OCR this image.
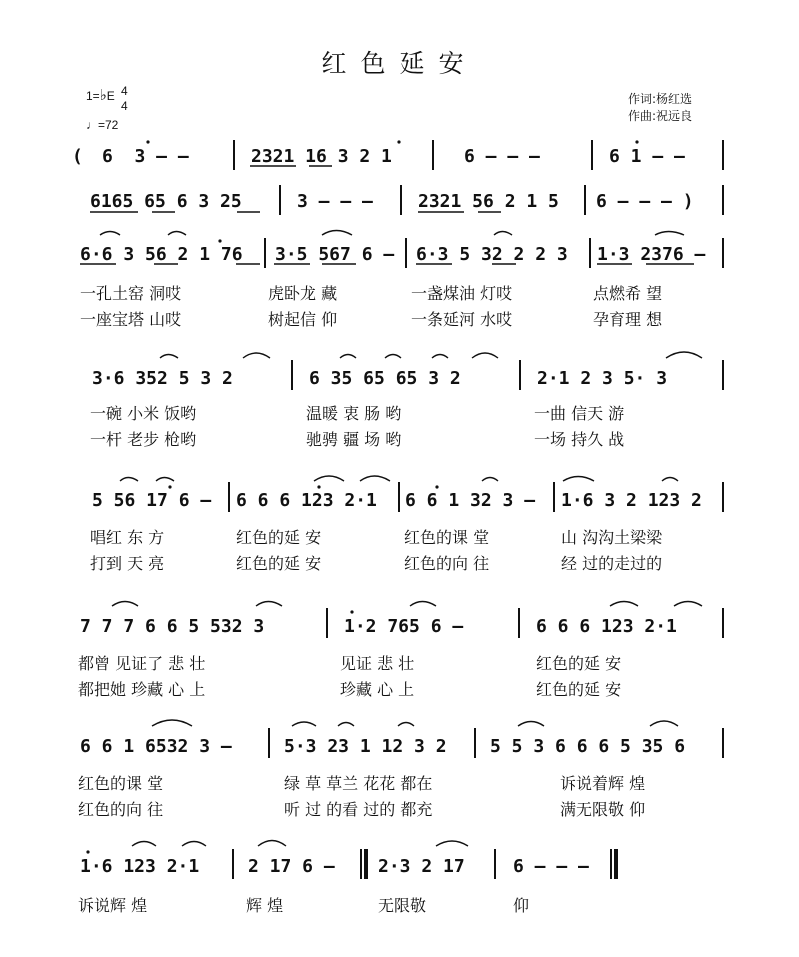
红色延安
1=♭E 4
4
♩=72
作词:杨红选
作曲:祝远良
( 6  3 — —	2321 16 3 2 1	6 — — —	6 1 — —
6165 65 6 3 25	3 — — —	2321 56 2 1 5 6 — — — )
6·6 3 56 2 1 76 3·5 567 6 — 6·3 5 32 2 2 3 1·3 2376 —
一孔土窑 洞哎	虎卧龙 藏	一盏煤油 灯哎	点燃希 望
一座宝塔 山哎	树起信 仰	一条延河 水哎	孕育理 想
3·6 352 5 3 2	6 35 65 65 3 2	2·1 2 3 5· 3
一碗 小米 饭哟	温暖 衷 肠 哟	一曲 信天 游
一杆 老步 枪哟	驰骋 疆 场 哟	一场 持久 战
5 56 17 6 — 6 6 6 123 2·1 6 6 1 32 3 — 1·6 3 2 123 2
唱红 东 方	红色的延 安	红色的课 堂	山 沟沟土梁梁
打到 天 亮	红色的延 安	红色的向 往	经 过的走过的
7 7 7 6 6 5 532 3	1·2 765 6 —	6 6 6 123 2·1
都曾 见证了 悲 壮	见证 悲 壮	红色的延 安
都把她 珍藏 心 上	珍藏 心 上	红色的延 安
6 6 1 6532 3 —	5·3 23 1 12 3 2 5 5 3 6 6 6 5 35 6
红色的课 堂	绿 草 草兰 花花 都在	诉说着辉 煌
红色的向 往	听 过 的看 过的 都充	满无限敬 仰
1·6 123 2·1	2 17 6 — 2·3 2 17	6 — — —
诉说辉 煌	辉 煌	无限敬	仰
